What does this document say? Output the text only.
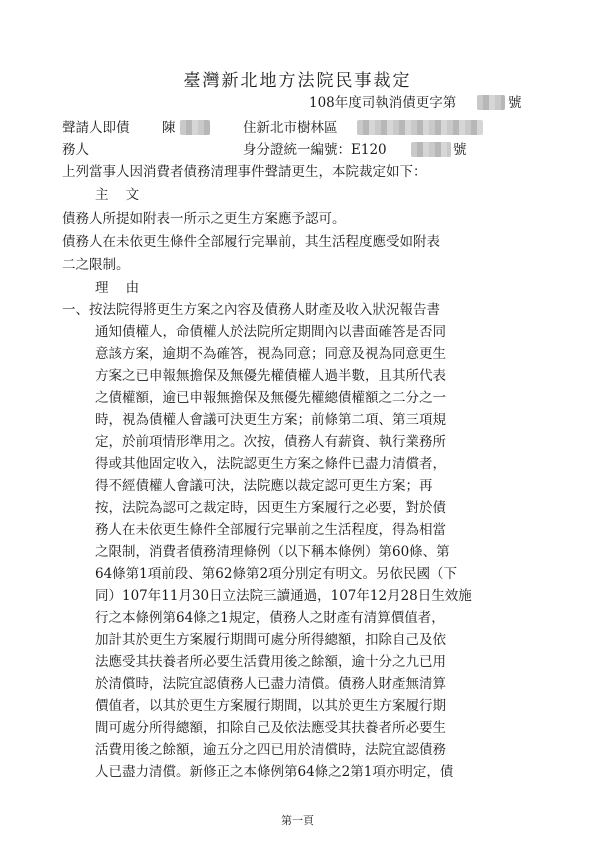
臺灣新北地方法院民事裁定
108年度司執消債更字第	號
聲請人即債 陳	住新北市樹林區
務人	身分證統一編號：E120	號
上列當事人因消費者債務清理事件聲請更生，本院裁定如下：
主    文
債務人所提如附表一所示之更生方案應予認可。
債務人在未依更生條件全部履行完畢前，其生活程度應受如附表
二之限制。
理    由
一、按法院得將更生方案之內容及債務人財產及收入狀況報告書
通知債權人，命債權人於法院所定期間內以書面確答是否同
意該方案，逾期不為確答，視為同意；同意及視為同意更生
方案之已申報無擔保及無優先權債權人過半數，且其所代表
之債權額，逾已申報無擔保及無優先權總債權額之二分之一
時，視為債權人會議可決更生方案；前條第二項、第三項規
定，於前項情形準用之。次按，債務人有薪資、執行業務所
得或其他固定收入，法院認更生方案之條件已盡力清償者，
得不經債權人會議可決，法院應以裁定認可更生方案；再
按，法院為認可之裁定時，因更生方案履行之必要，對於債
務人在未依更生條件全部履行完畢前之生活程度，得為相當
之限制，消費者債務清理條例（以下稱本條例）第60條、第
64條第1項前段、第62條第2項分別定有明文。另依民國（下
同）107年11月30日立法院三讀通過，107年12月28日生效施
行之本條例第64條之1規定，債務人之財產有清算價值者，
加計其於更生方案履行期間可處分所得總額，扣除自己及依
法應受其扶養者所必要生活費用後之餘額，逾十分之九已用
於清償時，法院宜認債務人已盡力清償。債務人財產無清算
價值者，以其於更生方案履行期間，以其於更生方案履行期
間可處分所得總額，扣除自己及依法應受其扶養者所必要生
活費用後之餘額，逾五分之四已用於清償時，法院宜認債務
人已盡力清償。新修正之本條例第64條之2第1項亦明定，債
第一頁
